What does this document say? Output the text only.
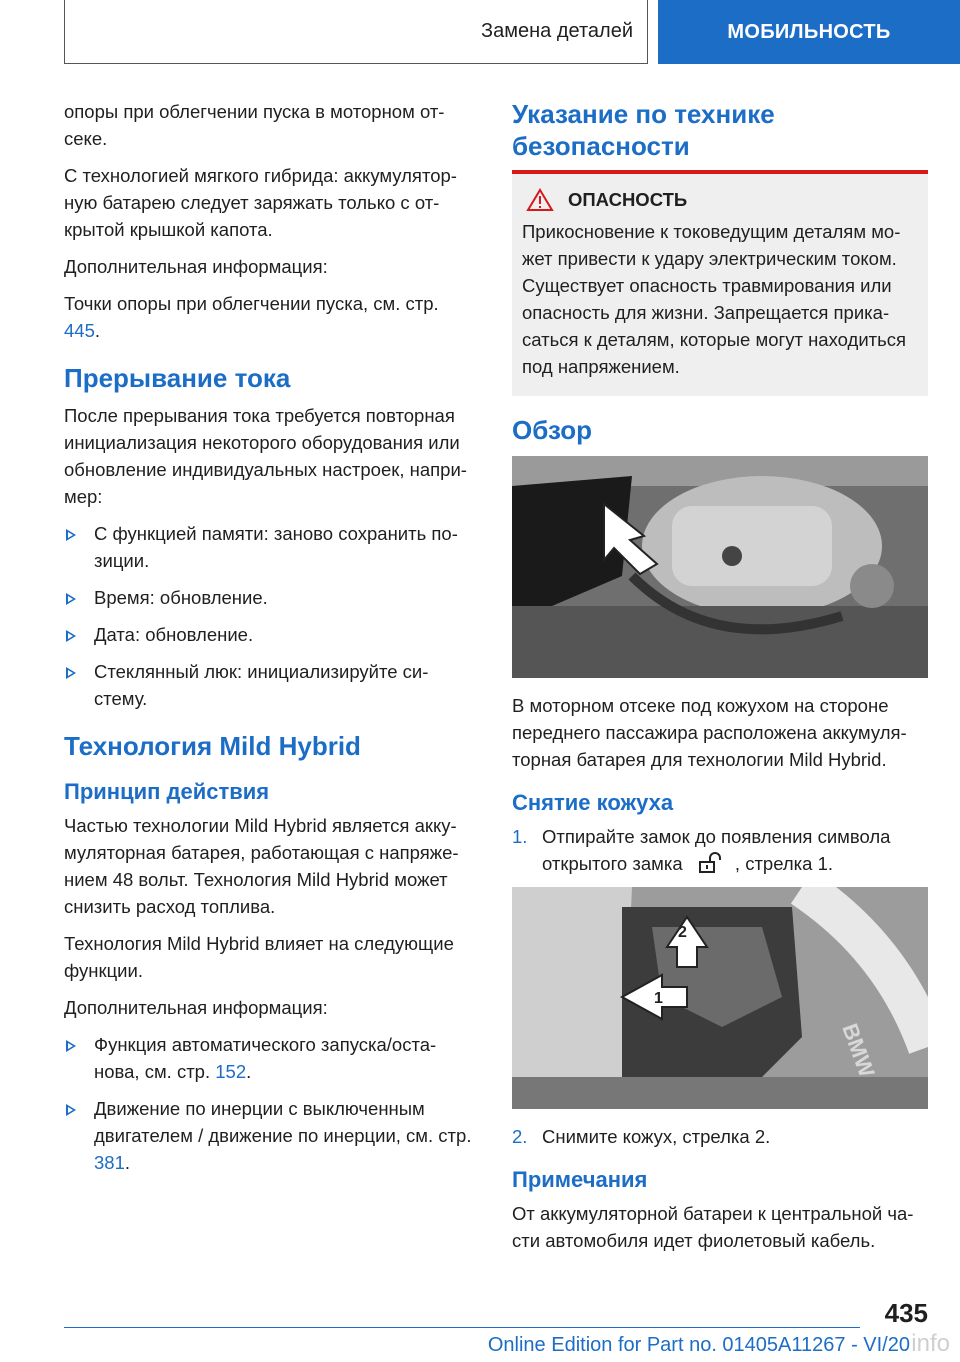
Замена деталей	МОБИЛЬНОСТЬ

опоры при облегчении пуска в моторном от-секе.

С технологией мягкого гибрида: аккумулятор-ную батарею следует заряжать только с от-крытой крышкой капота.

Дополнительная информация:

Точки опоры при облегчении пуска, см. стр. 445.

Прерывание тока

После прерывания тока требуется повторная инициализация некоторого оборудования или обновление индивидуальных настроек, напри-мер:

С функцией памяти: заново сохранить по-зиции.
Время: обновление.
Дата: обновление.
Стеклянный люк: инициализируйте си-стему.
Технология Mild Hybrid
Принцип действия

Частью технологии Mild Hybrid является акку-муляторная батарея, работающая с напряже-нием 48 вольт. Технология Mild Hybrid может снизить расход топлива.

Технология Mild Hybrid влияет на следующие функции.

Дополнительная информация:

Функция автоматического запуска/оста-нова, см. стр. 152.
Движение по инерции с выключенным двигателем / движение по инерции, см. стр. 381.
Указание по технике безопасности
ОПАСНОСТЬ

Прикосновение к токоведущим деталям мо-жет привести к удару электрическим током. Существует опасность травмирования или опасность для жизни. Запрещается прика-саться к деталям, которые могут находиться под напряжением.

Обзор

В моторном отсеке под кожухом на стороне переднего пассажира расположена аккумуля-торная батарея для технологии Mild Hybrid.

Снятие кожуха
1. Отпирайте замок до появления символа открытого замка	, стрелка 1.
1
2
BMW
2. Снимите кожух, стрелка 2.
Примечания

От аккумуляторной батареи к центральной ча-сти автомобиля идет фиолетовый кабель.

435
Online Edition for Part no. 01405A11267 - VI/20 info
